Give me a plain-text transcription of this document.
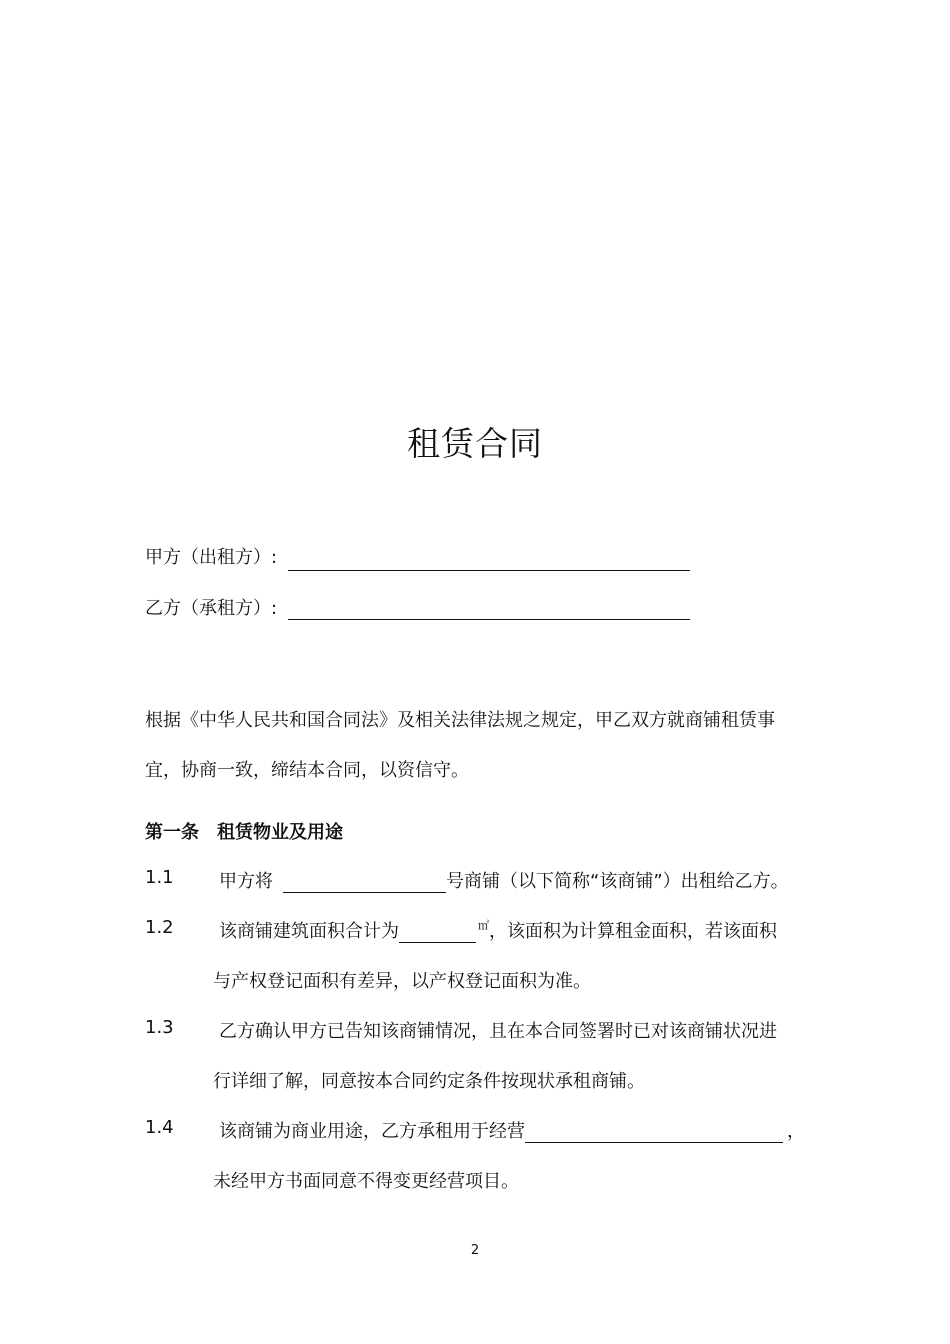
租赁合同
甲方（出租方）:
乙方（承租方）:
根据《中华人民共和国合同法》及相关法律法规之规定，甲乙双方就商铺租赁事
宜，协商一致，缔结本合同，以资信守。
第一条 租赁物业及用途
1.1	甲方将	号商铺（以下简称“该商铺”）出租给乙方。
1.2	该商铺建筑面积合计为	㎡，该面积为计算租金面积，若该面积
与产权登记面积有差异，以产权登记面积为准。
1.3	乙方确认甲方已告知该商铺情况，且在本合同签署时已对该商铺状况进
行详细了解，同意按本合同约定条件按现状承租商铺。
1.4	该商铺为商业用途，乙方承租用于经营	，
未经甲方书面同意不得变更经营项目。
2
